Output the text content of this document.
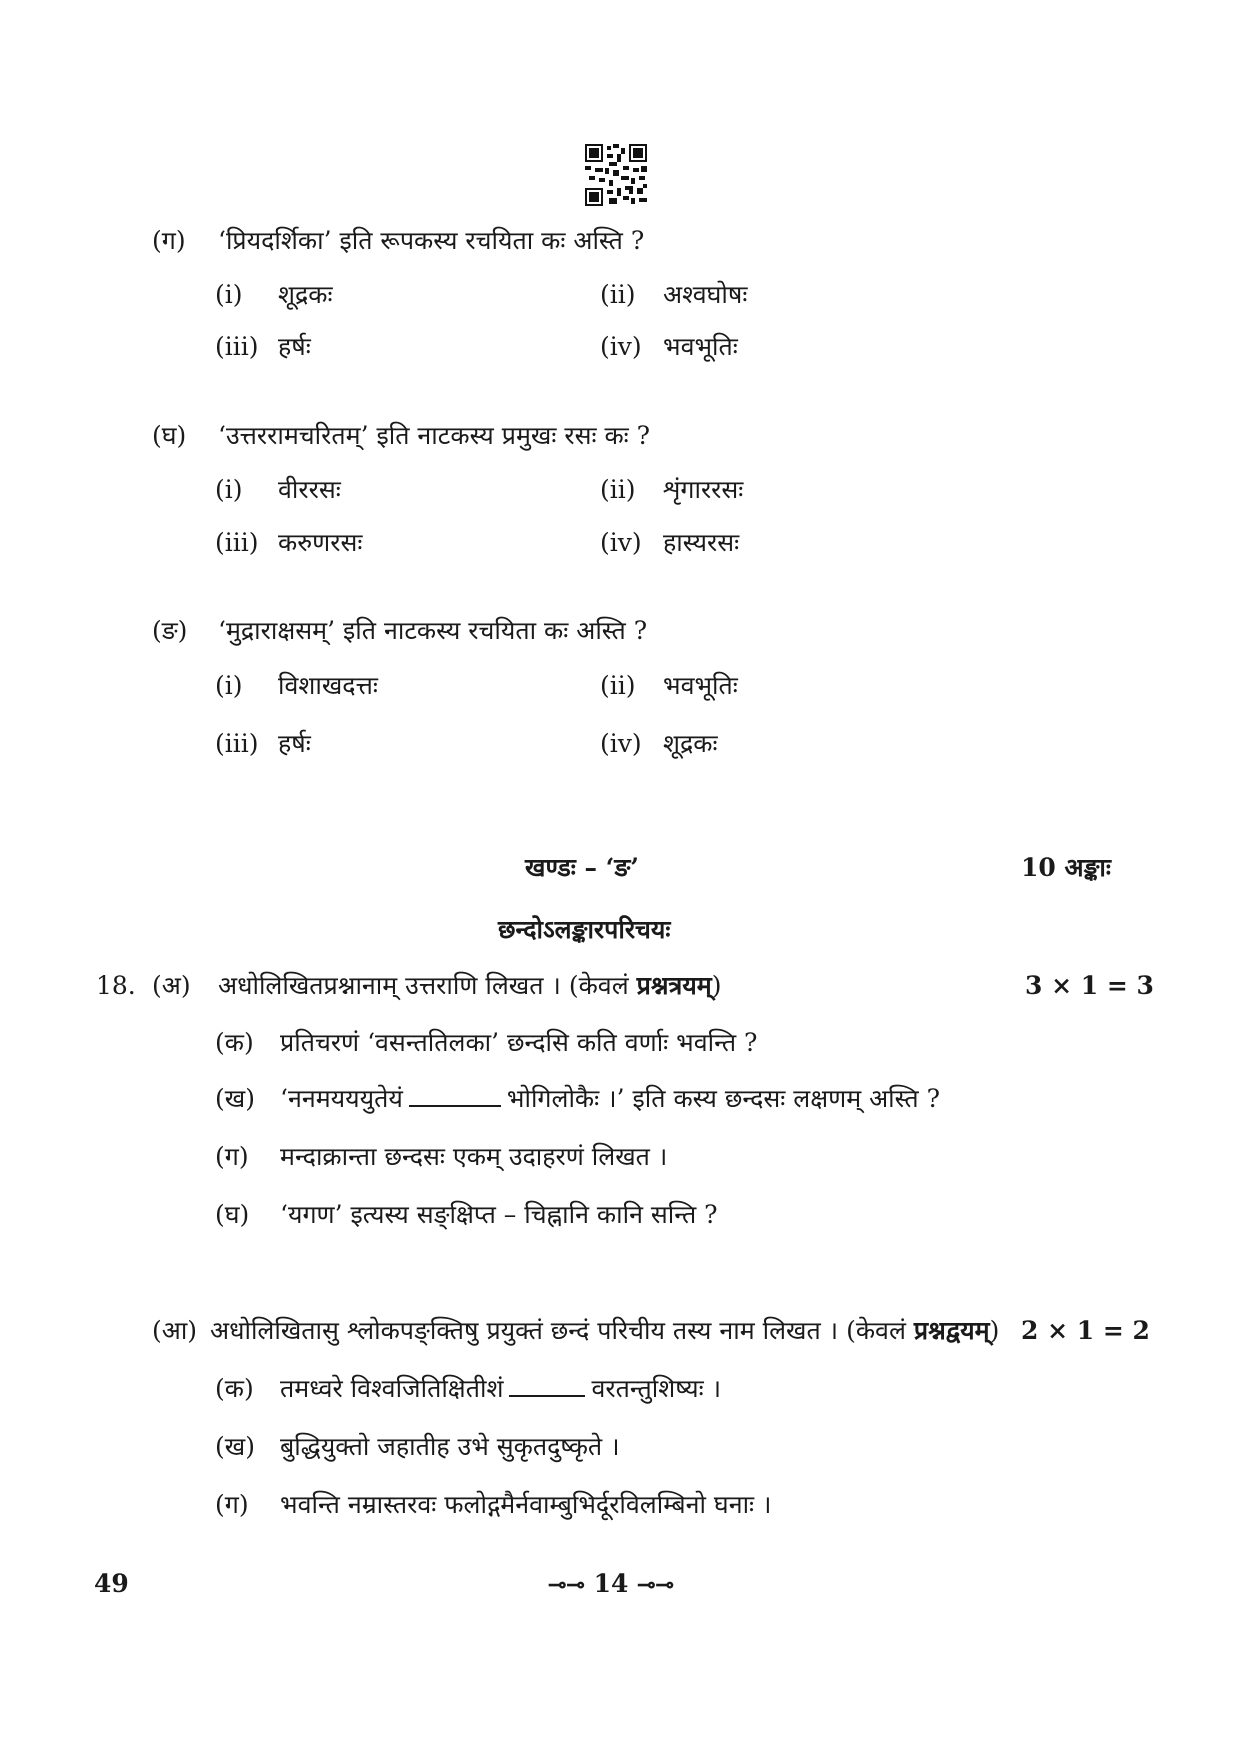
(ग) ‘प्रियदर्शिका’ इति रूपकस्य रचयिता कः अस्ति ?
(i) शूद्रकः	(ii) अश्वघोषः
(iii) हर्षः	(iv) भवभूतिः
(घ) ‘उत्तररामचरितम्’ इति नाटकस्य प्रमुखः रसः कः ?
(i) वीररसः	(ii) शृंगाररसः
(iii) करुणरसः	(iv) हास्यरसः
(ङ) ‘मुद्राराक्षसम्’ इति नाटकस्य रचयिता कः अस्ति ?
(i) विशाखदत्तः	(ii) भवभूतिः
(iii) हर्षः	(iv) शूद्रकः
खण्डः – ‘ङ’	10 अङ्काः
छन्दोऽलङ्कारपरिचयः
18. (अ) अधोलिखितप्रश्नानाम् उत्तराणि लिखत । (केवलं प्रश्नत्रयम्)	3 × 1 = 3
(क) प्रतिचरणं ‘वसन्ततिलका’ छन्दसि कति वर्णाः भवन्ति ?
(ख) ‘ननमयययुतेयं	भोगिलोकैः ।’ इति कस्य छन्दसः लक्षणम् अस्ति ?
(ग) मन्दाक्रान्ता छन्दसः एकम् उदाहरणं लिखत ।
(घ) ‘यगण’ इत्यस्य सङ्क्षिप्त – चिह्नानि कानि सन्ति ?
(आ) अधोलिखितासु श्लोकपङ्क्तिषु प्रयुक्तं छन्दं परिचीय तस्य नाम लिखत । (केवलं प्रश्नद्वयम्) 2 × 1 = 2
(क) तमध्वरे विश्वजितिक्षितीशं	वरतन्तुशिष्यः ।
(ख) बुद्धियुक्तो जहातीह उभे सुकृतदुष्कृते ।
(ग) भवन्ति नम्रास्तरवः फलोद्गमैर्नवाम्बुभिर्दूरविलम्बिनो घनाः ।
49	⊸⊸ 14 ⊸⊸
